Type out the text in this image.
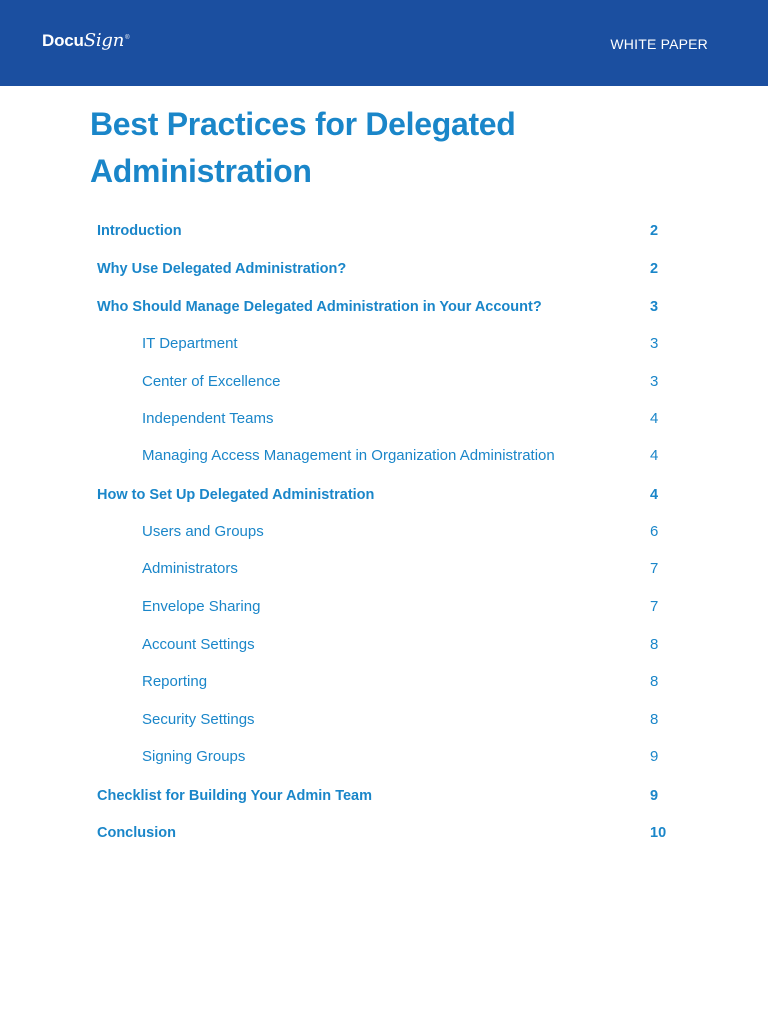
DocuSign®	WHITE PAPER
Best Practices for Delegated
Administration
Introduction	2
Why Use Delegated Administration?	2
Who Should Manage Delegated Administration in Your Account?	3
IT Department	3
Center of Excellence	3
Independent Teams	4
Managing Access Management in Organization Administration	4
How to Set Up Delegated Administration	4
Users and Groups	6
Administrators	7
Envelope Sharing	7
Account Settings	8
Reporting	8
Security Settings	8
Signing Groups	9
Checklist for Building Your Admin Team	9
Conclusion	10
